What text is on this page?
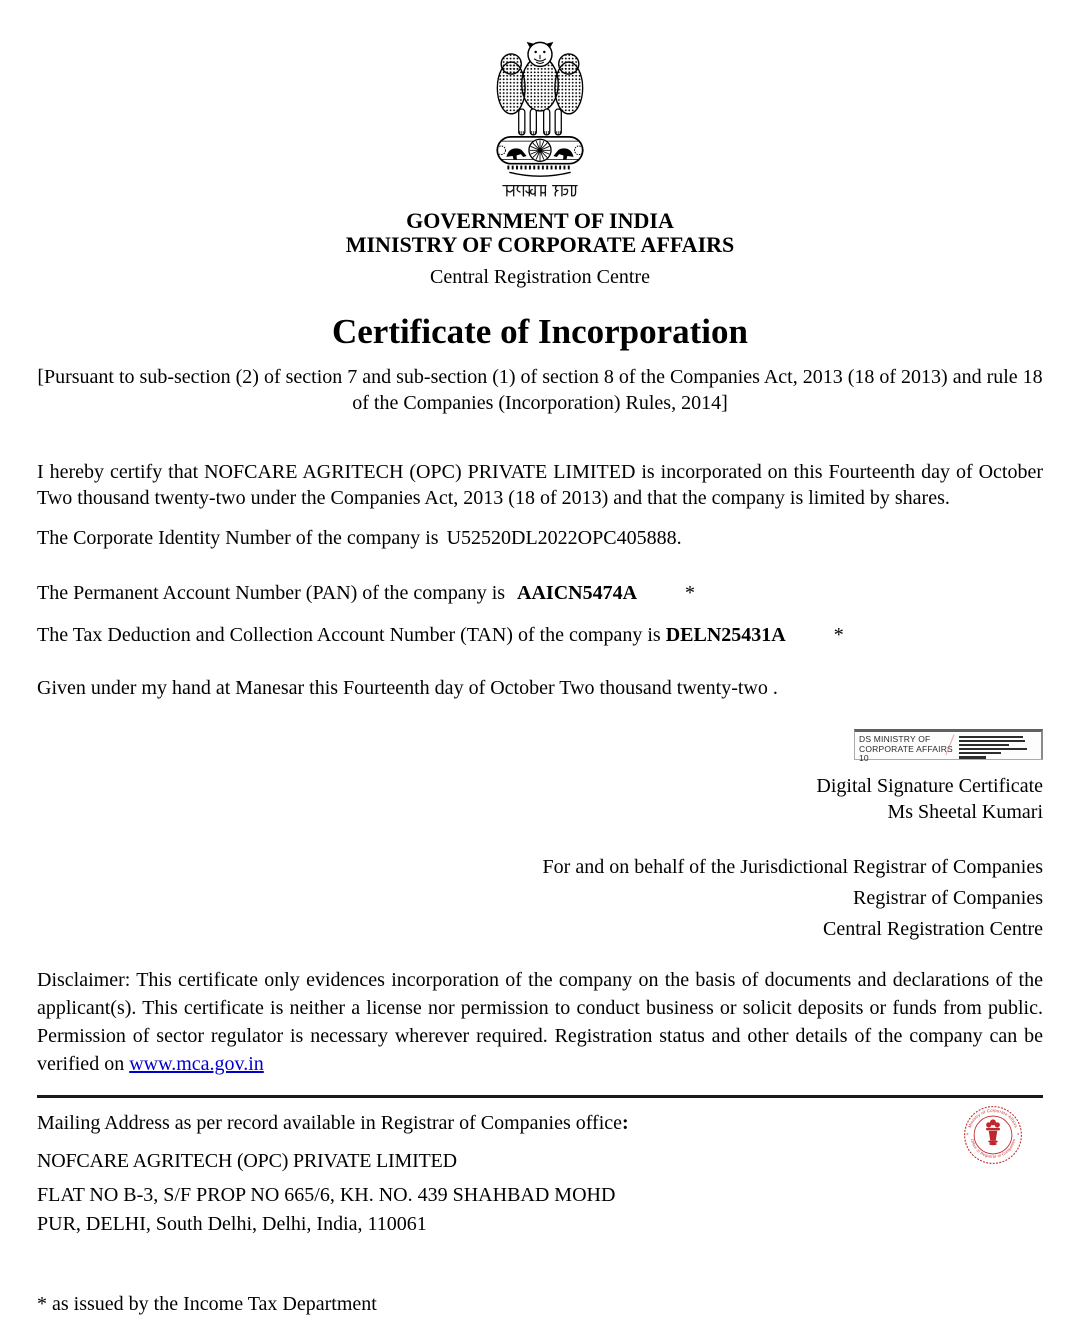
GOVERNMENT OF INDIA
MINISTRY OF CORPORATE AFFAIRS
Central Registration Centre
Certificate of Incorporation
[Pursuant to sub-section (2) of section 7 and sub-section (1) of section 8 of the Companies Act, 2013 (18 of 2013) and rule 18 of the Companies (Incorporation) Rules, 2014]

I hereby certify that NOFCARE AGRITECH (OPC) PRIVATE LIMITED is incorporated on this Fourteenth day of October Two thousand twenty-two under the Companies Act, 2013 (18 of 2013) and that the company is limited by shares.

The Corporate Identity Number of the company is U52520DL2022OPC405888.
The Permanent Account Number (PAN) of the company is AAICN5474A *
The Tax Deduction and Collection Account Number (TAN) of the company is DELN25431A *
Given under my hand at Manesar this Fourteenth day of October Two thousand twenty-two .
DS MINISTRY OF
CORPORATE AFFAIRS 10
Digital Signature Certificate
Ms Sheetal Kumari
For and on behalf of the Jurisdictional Registrar of Companies
Registrar of Companies
Central Registration Centre

Disclaimer: This certificate only evidences incorporation of the company on the basis of documents and declarations of the applicant(s). This certificate is neither a license nor permission to conduct business or solicit deposits or funds from public. Permission of sector regulator is necessary wherever required. Registration status and other details of the company can be verified on www.mca.gov.in

Mailing Address as per record available in Registrar of Companies office:
NOFCARE AGRITECH (OPC) PRIVATE LIMITED
FLAT NO B-3, S/F PROP NO 665/6, KH. NO. 439 SHAHBAD MOHD
PUR, DELHI, South Delhi, Delhi, India, 110061
* as issued by the Income Tax Department
Ministry of Corporate Affairs
Office of Registrar of Companies
*	*
